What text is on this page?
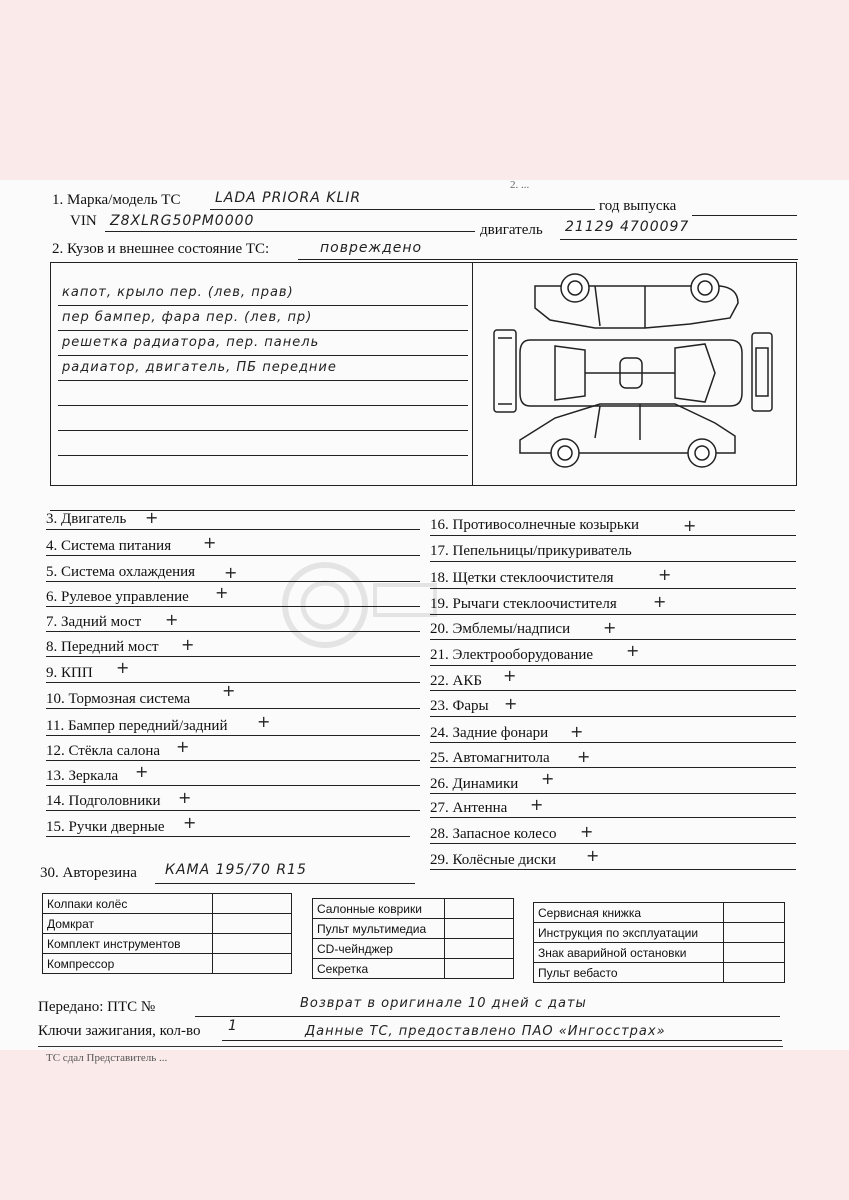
2. ...
1. Марка/модель ТС LADA PRIORA KLIR	год выпуска
VIN Z8XLRG50PM0000
двигатель 21129 4700097
2. Кузов и внешнее состояние ТС:	повреждено
капот, крыло пер. (лев, прав)
пер бампер, фара пер. (лев, пр)
решетка радиатора, пер. панель
радиатор, двигатель, ПБ передние
3. Двигатель +
4. Система питания +
5. Система охлаждения +
6. Рулевое управление +
7. Задний мост +
8. Передний мост +
9. КПП +
10. Тормозная система +
11. Бампер передний/задний +
12. Стёкла салона +
13. Зеркала +
14. Подголовники +
15. Ручки дверные +
16. Противосолнечные козырьки	+
17. Пепельницы/прикуриватель
18. Щетки стеклоочистителя	+
19. Рычаги стеклоочистителя +
20. Эмблемы/надписи +
21. Электрооборудование +
22. АКБ +
23. Фары +
24. Задние фонари +
25. Автомагнитола +
26. Динамики +
27. Антенна +
28. Запасное колесо +
29. Колёсные диски +
30. Авторезина КАМА 195/70 R15
Колпаки колёс	
Домкрат	
Комплект инструментов	
Компрессор	
Салонные коврики	
Пульт мультимедиа	
CD-чейнджер	
Секретка	
Сервисная книжка	
Инструкция по эксплуатации	
Знак аварийной остановки	
Пульт вебасто	
Передано: ПТС №	Возврат в оригинале 10 дней с даты
Ключи зажигания, кол-во 1	Данные ТС, предоставлено ПАО «Ингосстрах»
ТС сдал Представитель ...
